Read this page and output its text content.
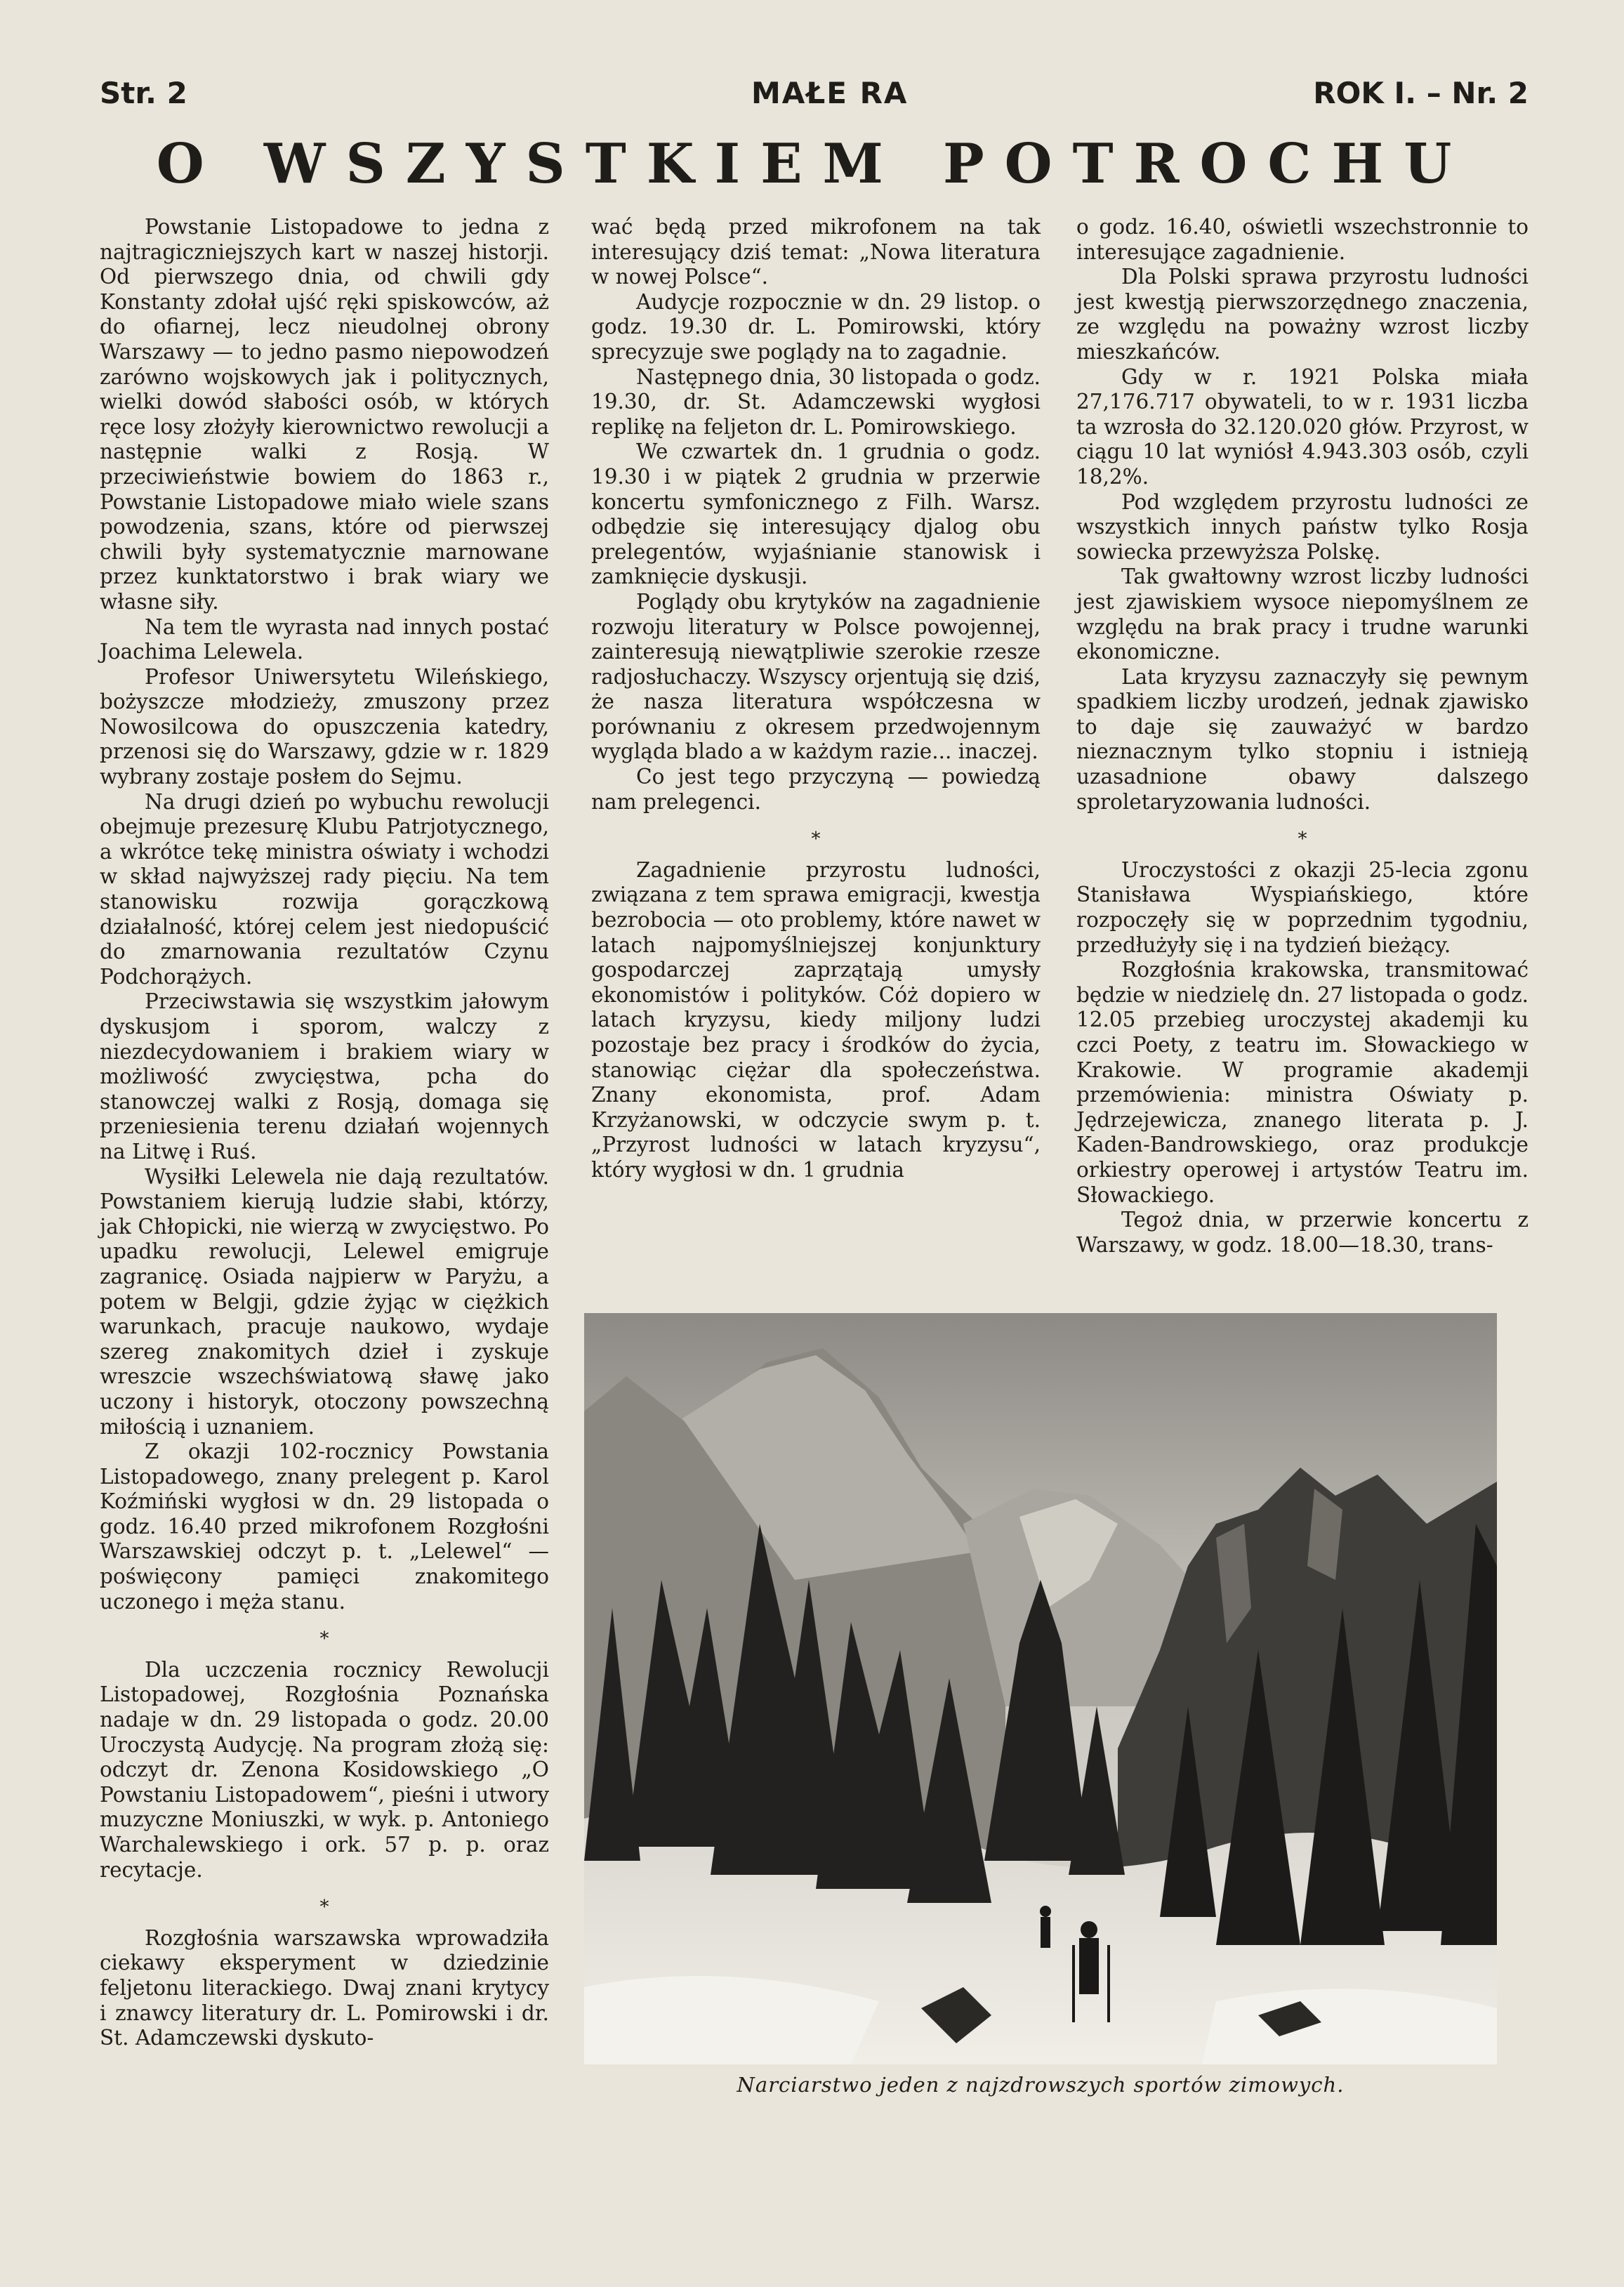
Str. 2	MAŁE RA	ROK I. – Nr. 2
O WSZYSTKIEM POTROCHU

Powstanie Listopadowe to jedna z najtragiczniejszych kart w naszej historji. Od pierwszego dnia, od chwili gdy Konstanty zdołał ujść ręki spiskowców, aż do ofiarnej, lecz nieudolnej obrony Warszawy — to jedno pasmo niepowodzeń zarówno wojskowych jak i politycznych, wielki dowód słabości osób, w których ręce losy złożyły kierownictwo rewolucji a następnie walki z Rosją. W przeciwieństwie bowiem do 1863 r., Powstanie Listopadowe miało wiele szans powodzenia, szans, które od pierwszej chwili były systematycznie marnowane przez kunktatorstwo i brak wiary we własne siły.

Na tem tle wyrasta nad innych postać Joachima Lelewela.

Profesor Uniwersytetu Wileńskiego, bożyszcze młodzieży, zmuszony przez Nowosilcowa do opuszczenia katedry, przenosi się do Warszawy, gdzie w r. 1829 wybrany zostaje posłem do Sejmu.

Na drugi dzień po wybuchu rewolucji obejmuje prezesurę Klubu Patrjotycznego, a wkrótce tekę ministra oświaty i wchodzi w skład najwyższej rady pięciu. Na tem stanowisku rozwija gorączkową działalność, której celem jest niedopuścić do zmarnowania rezultatów Czynu Podchorążych.

Przeciwstawia się wszystkim jałowym dyskusjom i sporom, walczy z niezdecydowaniem i brakiem wiary w możliwość zwycięstwa, pcha do stanowczej walki z Rosją, domaga się przeniesienia terenu działań wojennych na Litwę i Ruś.

Wysiłki Lelewela nie dają rezultatów. Powstaniem kierują ludzie słabi, którzy, jak Chłopicki, nie wierzą w zwycięstwo. Po upadku rewolucji, Lelewel emigruje zagranicę. Osiada najpierw w Paryżu, a potem w Belgji, gdzie żyjąc w ciężkich warunkach, pracuje naukowo, wydaje szereg znakomitych dzieł i zyskuje wreszcie wszechświatową sławę jako uczony i historyk, otoczony powszechną miłością i uznaniem.

Z okazji 102-rocznicy Powstania Listopadowego, znany prelegent p. Karol Koźmiński wygłosi w dn. 29 listopada o godz. 16.40 przed mikrofonem Rozgłośni Warszawskiej odczyt p. t. „Lelewel“ — poświęcony pamięci znakomitego uczonego i męża stanu.

*

Dla uczczenia rocznicy Rewolucji Listopadowej, Rozgłośnia Poznańska nadaje w dn. 29 listopada o godz. 20.00 Uroczystą Audycję. Na program złożą się: odczyt dr. Zenona Kosidowskiego „O Powstaniu Listopadowem“, pieśni i utwory muzyczne Moniuszki, w wyk. p. Antoniego Warchalewskiego i ork. 57 p. p. oraz recytacje.

*

Rozgłośnia warszawska wprowadziła ciekawy eksperyment w dziedzinie feljetonu literackiego. Dwaj znani krytycy i znawcy literatury dr. L. Pomirowski i dr. St. Adamczewski dyskuto-

wać będą przed mikrofonem na tak interesujący dziś temat: „Nowa literatura w nowej Polsce“.

Audycje rozpocznie w dn. 29 listop. o godz. 19.30 dr. L. Pomirowski, który sprecyzuje swe poglądy na to zagadnie.

Następnego dnia, 30 listopada o godz. 19.30, dr. St. Adamczewski wygłosi replikę na feljeton dr. L. Pomirowskiego.

We czwartek dn. 1 grudnia o godz. 19.30 i w piątek 2 grudnia w przerwie koncertu symfonicznego z Filh. Warsz. odbędzie się interesujący djalog obu prelegentów, wyjaśnianie stanowisk i zamknięcie dyskusji.

Poglądy obu krytyków na zagadnienie rozwoju literatury w Polsce powojennej, zainteresują niewątpliwie szerokie rzesze radjosłuchaczy. Wszyscy orjentują się dziś, że nasza literatura współczesna w porównaniu z okresem przedwojennym wygląda blado a w każdym razie... inaczej.

Co jest tego przyczyną — powiedzą nam prelegenci.

*

Zagadnienie przyrostu ludności, związana z tem sprawa emigracji, kwestja bezrobocia — oto problemy, które nawet w latach najpomyślniejszej konjunktury gospodarczej zaprzątają umysły ekonomistów i polityków. Cóż dopiero w latach kryzysu, kiedy miljony ludzi pozostaje bez pracy i środków do życia, stanowiąc ciężar dla społeczeństwa. Znany ekonomista, prof. Adam Krzyżanowski, w odczycie swym p. t. „Przyrost ludności w latach kryzysu“, który wygłosi w dn. 1 grudnia

o godz. 16.40, oświetli wszechstronnie to interesujące zagadnienie.

Dla Polski sprawa przyrostu ludności jest kwestją pierwszorzędnego znaczenia, ze względu na poważny wzrost liczby mieszkańców.

Gdy w r. 1921 Polska miała 27,176.717 obywateli, to w r. 1931 liczba ta wzrosła do 32.120.020 głów. Przyrost, w ciągu 10 lat wyniósł 4.943.303 osób, czyli 18,2%.

Pod względem przyrostu ludności ze wszystkich innych państw tylko Rosja sowiecka przewyższa Polskę.

Tak gwałtowny wzrost liczby ludności jest zjawiskiem wysoce niepomyślnem ze względu na brak pracy i trudne warunki ekonomiczne.

Lata kryzysu zaznaczyły się pewnym spadkiem liczby urodzeń, jednak zjawisko to daje się zauważyć w bardzo nieznacznym tylko stopniu i istnieją uzasadnione obawy dalszego sproletaryzowania ludności.

*

Uroczystości z okazji 25-lecia zgonu Stanisława Wyspiańskiego, które rozpoczęły się w poprzednim tygodniu, przedłużyły się i na tydzień bieżący.

Rozgłośnia krakowska, transmitować będzie w niedzielę dn. 27 listopada o godz. 12.05 przebieg uroczystej akademji ku czci Poety, z teatru im. Słowackiego w Krakowie. W programie akademji przemówienia: ministra Oświaty p. Jędrzejewicza, znanego literata p. J. Kaden-Bandrowskiego, oraz produkcje orkiestry operowej i artystów Teatru im. Słowackiego.

Tegoż dnia, w przerwie koncertu z Warszawy, w godz. 18.00—18.30, trans-

Narciarstwo jeden z najzdrowszych sportów zimowych.
